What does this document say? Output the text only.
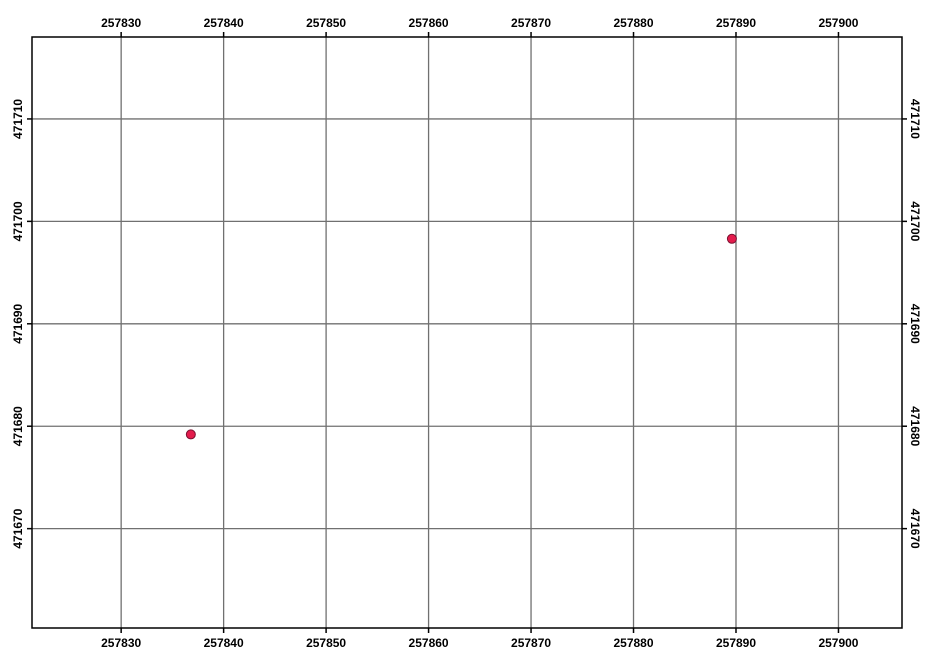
257830
257830
257840
257840
257850
257850
257860
257860
257870
257870
257880
257880
257890
257890
257900
257900
471670	471670
471680	471680
471690	471690
471700	471700
471710	471710
